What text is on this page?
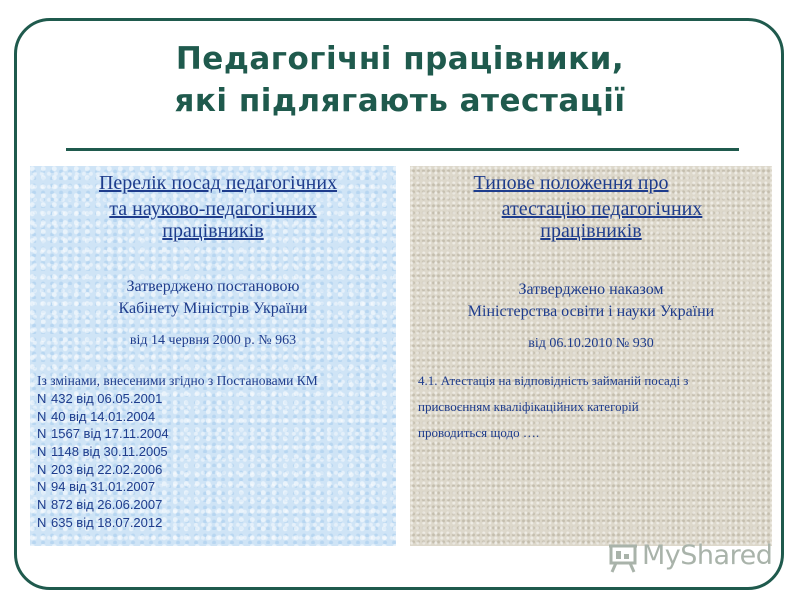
Педагогічні працівники,
які підлягають атестації
Перелік посад педагогічних
та науково-педагогічних
працівників
Затверджено постановою
Кабінету Міністрів України
від 14 червня 2000 р. № 963
Із змінами, внесеними згідно з Постановами КМ
N 432 від 06.05.2001
N 40 від 14.01.2004
N 1567 від 17.11.2004
N 1148 від 30.11.2005
N 203 від 22.02.2006
N 94 від 31.01.2007
N 872 від 26.06.2007
N 635 від 18.07.2012
Типове положення про
атестацію педагогічних
працівників
Затверджено наказом
Міністерства освіти і науки України
від 06.10.2010 № 930
4.1. Атестація на відповідність займаній посаді з
присвоєнням кваліфікаційних категорій
проводиться щодо ….
MyShared
